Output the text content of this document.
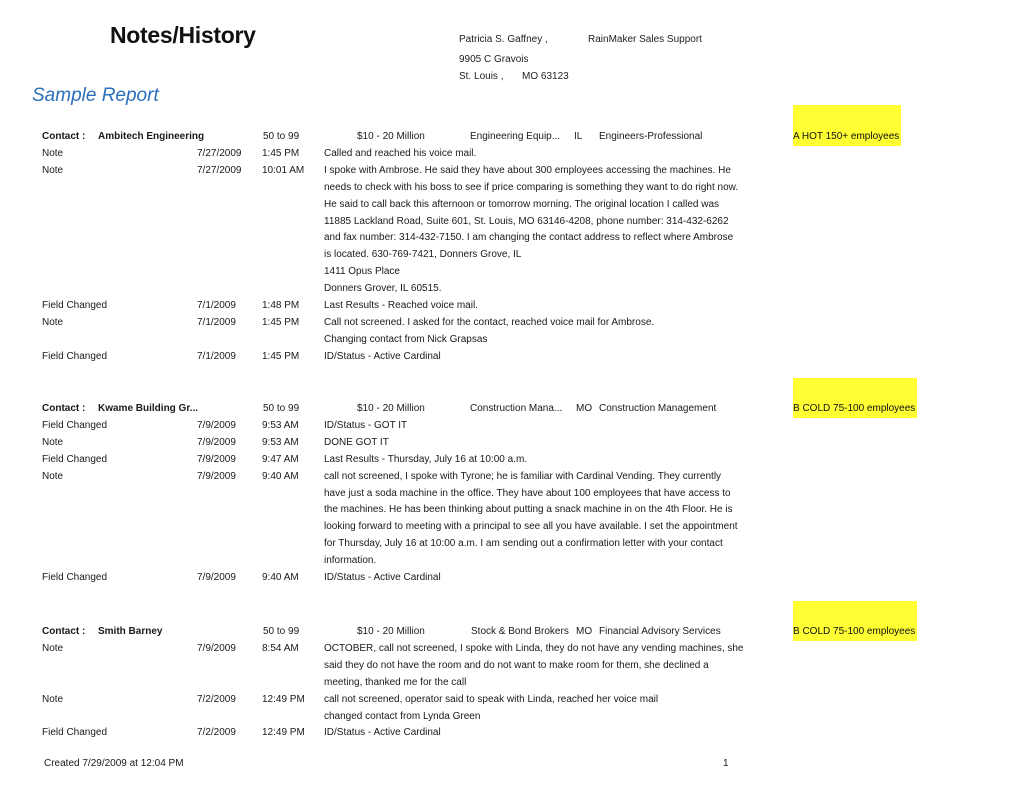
Notes/History
Sample Report
Patricia S. Gaffney ,	RainMaker Sales Support
9905 C Gravois
St. Louis , MO 63123
A HOT 150+ employees
Contact : Ambitech Engineering	50 to 99	$10 - 20 Million	Engineering Equip... IL Engineers-Professional
Note	7/27/2009 1:45 PM Called and reached his voice mail.
Note	7/27/2009 10:01 AM I spoke with Ambrose. He said they have about 300 employees accessing the machines. He
needs to check with his boss to see if price comparing is something they want to do right now.
He said to call back this afternoon or tomorrow morning. The original location I called was
11885 Lackland Road, Suite 601, St. Louis, MO 63146-4208, phone number: 314-432-6262
and fax number: 314-432-7150. I am changing the contact address to reflect where Ambrose
is located. 630-769-7421, Donners Grove, IL
1411 Opus Place
Donners Grover, IL 60515.
Field Changed	7/1/2009	1:48 PM Last Results - Reached voice mail.
Note	7/1/2009	1:45 PM Call not screened. I asked for the contact, reached voice mail for Ambrose.
Changing contact from Nick Grapsas
Field Changed	7/1/2009	1:45 PM ID/Status - Active Cardinal
B COLD 75-100 employees
Contact : Kwame Building Gr...	50 to 99	$10 - 20 Million	Construction Mana... MO Construction Management
Field Changed	7/9/2009	9:53 AM	ID/Status - GOT IT
Note	7/9/2009	9:53 AM	DONE GOT IT
Field Changed	7/9/2009	9:47 AM	Last Results - Thursday, July 16 at 10:00 a.m.
Note	7/9/2009	9:40 AM	call not screened, I spoke with Tyrone; he is familiar with Cardinal Vending. They currently
have just a soda machine in the office. They have about 100 employees that have access to
the machines. He has been thinking about putting a snack machine in on the 4th Floor. He is
looking forward to meeting with a principal to see all you have available. I set the appointment
for Thursday, July 16 at 10:00 a.m. I am sending out a confirmation letter with your contact
information.
Field Changed	7/9/2009	9:40 AM	ID/Status - Active Cardinal
B COLD 75-100 employees
Contact : Smith Barney	50 to 99	$10 - 20 Million	Stock & Bond Brokers MO Financial Advisory Services
Note	7/9/2009	8:54 AM	OCTOBER, call not screened, I spoke with Linda, they do not have any vending machines, she
said they do not have the room and do not want to make room for them, she declined a
meeting, thanked me for the call
Note	7/2/2009	12:49 PM call not screened, operator said to speak with Linda, reached her voice mail
changed contact from Lynda Green
Field Changed	7/2/2009	12:49 PM ID/Status - Active Cardinal
Created 7/29/2009 at 12:04 PM	1
